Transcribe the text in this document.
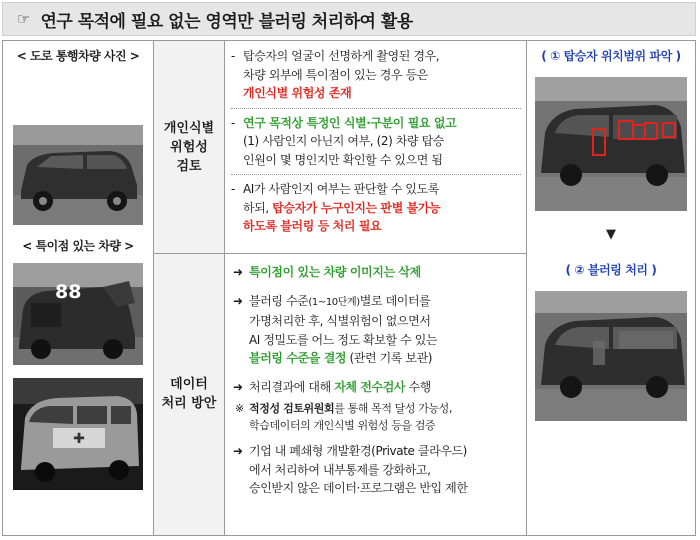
☞ 연구 목적에 필요 없는 영역만 블러링 처리하여 활용
< 도로 통행차량 사진 >
< 특이점 있는 차량 >
88
✚
개인식별
위험성
검토
데이터
처리 방안
- 탑승자의 얼굴이 선명하게 촬영된 경우,
차량 외부에 특이점이 있는 경우 등은
개인식별 위험성 존재
- 연구 목적상 특정인 식별·구분이 필요 없고
(1) 사람인지 아닌지 여부, (2) 차량 탑승
인원이 몇 명인지만 확인할 수 있으면 됨
- AI가 사람인지 여부는 판단할 수 있도록
하되, 탑승자가 누구인지는 판별 불가능
하도록 블러링 등 처리 필요
➜ 특이점이 있는 차량 이미지는 삭제
➜ 블러링 수준(1~10단계)별로 데이터를
가명처리한 후, 식별위험이 없으면서
AI 정밀도를 어느 정도 확보할 수 있는
블러링 수준을 결정 (관련 기록 보관)
➜ 처리결과에 대해 자체 전수검사 수행
※ 적정성 검토위원회를 통해 목적 달성 가능성,
학습데이터의 개인식별 위험성 등을 검증
➜ 기업 내 폐쇄형 개발환경(Private 클라우드)
에서 처리하여 내부통제를 강화하고,
승인받지 않은 데이터·프로그램은 반입 제한
( ① 탑승자 위치범위 파악 )
▼
( ② 블러링 처리 )
